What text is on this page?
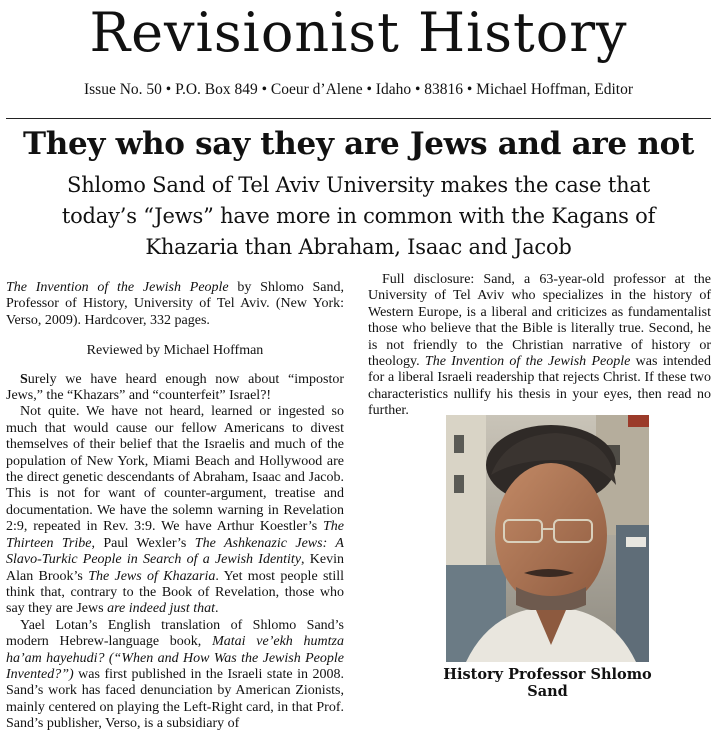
Revisionist History
Issue No. 50 • P.O. Box 849 • Coeur d’Alene • Idaho • 83816 • Michael Hoffman, Editor
They who say they are Jews and are not
Shlomo Sand of Tel Aviv University makes the case that today’s “Jews” have more in common with the Kagans of Khazaria than Abraham, Isaac and Jacob

The Invention of the Jewish People by Shlomo Sand, Professor of History, University of Tel Aviv. (New York: Verso, 2009). Hardcover, 332 pages.

Reviewed by Michael Hoffman

Surely we have heard enough now about “impostor Jews,” the “Khazars” and “counterfeit” Israel?!

Not quite. We have not heard, learned or ingested so much that would cause our fellow Americans to divest themselves of their belief that the Israelis and much of the population of New York, Miami Beach and Hollywood are the direct genetic descendants of Abraham, Isaac and Jacob. This is not for want of counter-argument, treatise and documentation. We have the solemn warning in Revelation 2:9, repeated in Rev. 3:9. We have Arthur Koestler’s The Thirteen Tribe, Paul Wexler’s The Ashkenazic Jews: A Slavo-Turkic People in Search of a Jewish Identity, Kevin Alan Brook’s The Jews of Khazaria. Yet most people still think that, contrary to the Book of Revelation, those who say they are Jews are indeed just that.

Yael Lotan’s English translation of Shlomo Sand’s modern Hebrew-language book, Matai ve’ekh humtza ha’am hayehudi? (“When and How Was the Jewish People Invented?”) was first published in the Israeli state in 2008. Sand’s work has faced denunciation by American Zionists, mainly centered on playing the Left-Right card, in that Prof. Sand’s publisher, Verso, is a subsidiary of

Full disclosure: Sand, a 63-year-old professor at the University of Tel Aviv who specializes in the history of Western Europe, is a liberal and criticizes as fundamentalist those who believe that the Bible is literally true. Second, he is not friendly to the Christian narrative of history or theology. The Invention of the Jewish People was intended for a liberal Israeli readership that rejects Christ. If these two characteristics nullify his thesis in your eyes, then read no further.

History Professor Shlomo Sand
